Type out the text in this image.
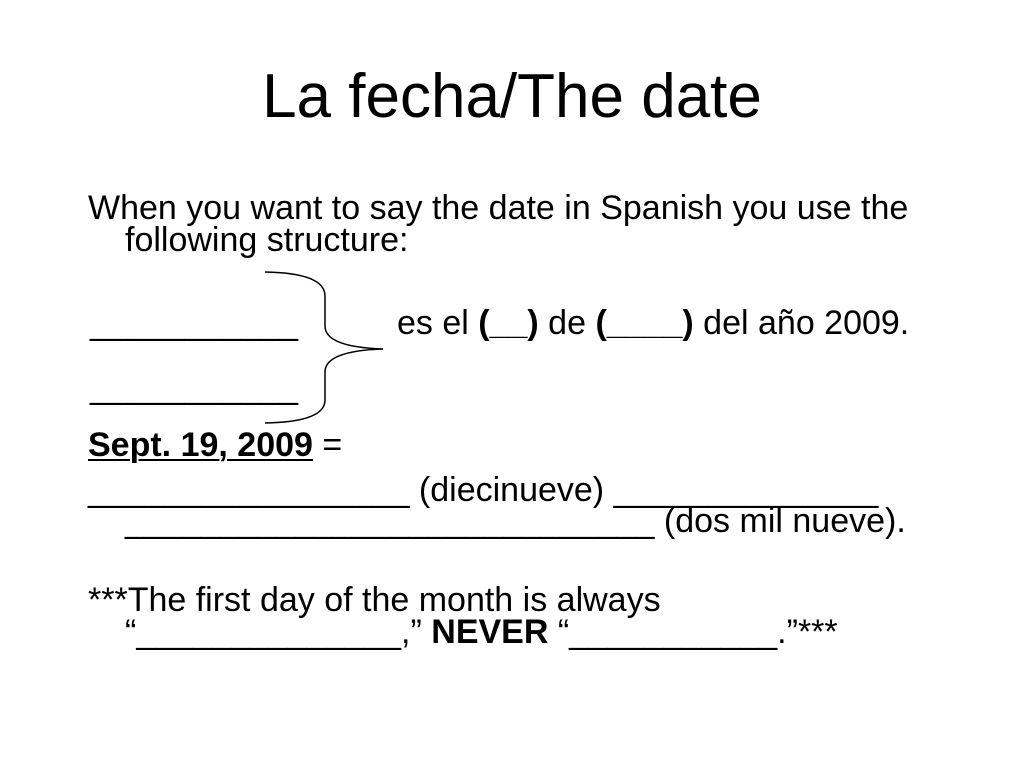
La fecha/The date
When you want to say the date in Spanish you use the
following structure:
___________
___________
es el (__) de (____) del año 2009.
Sept. 19, 2009 =
_________________ (diecinueve) ______________
____________________________ (dos mil nueve).
***The first day of the month is always
“______________,” NEVER “___________.”***
